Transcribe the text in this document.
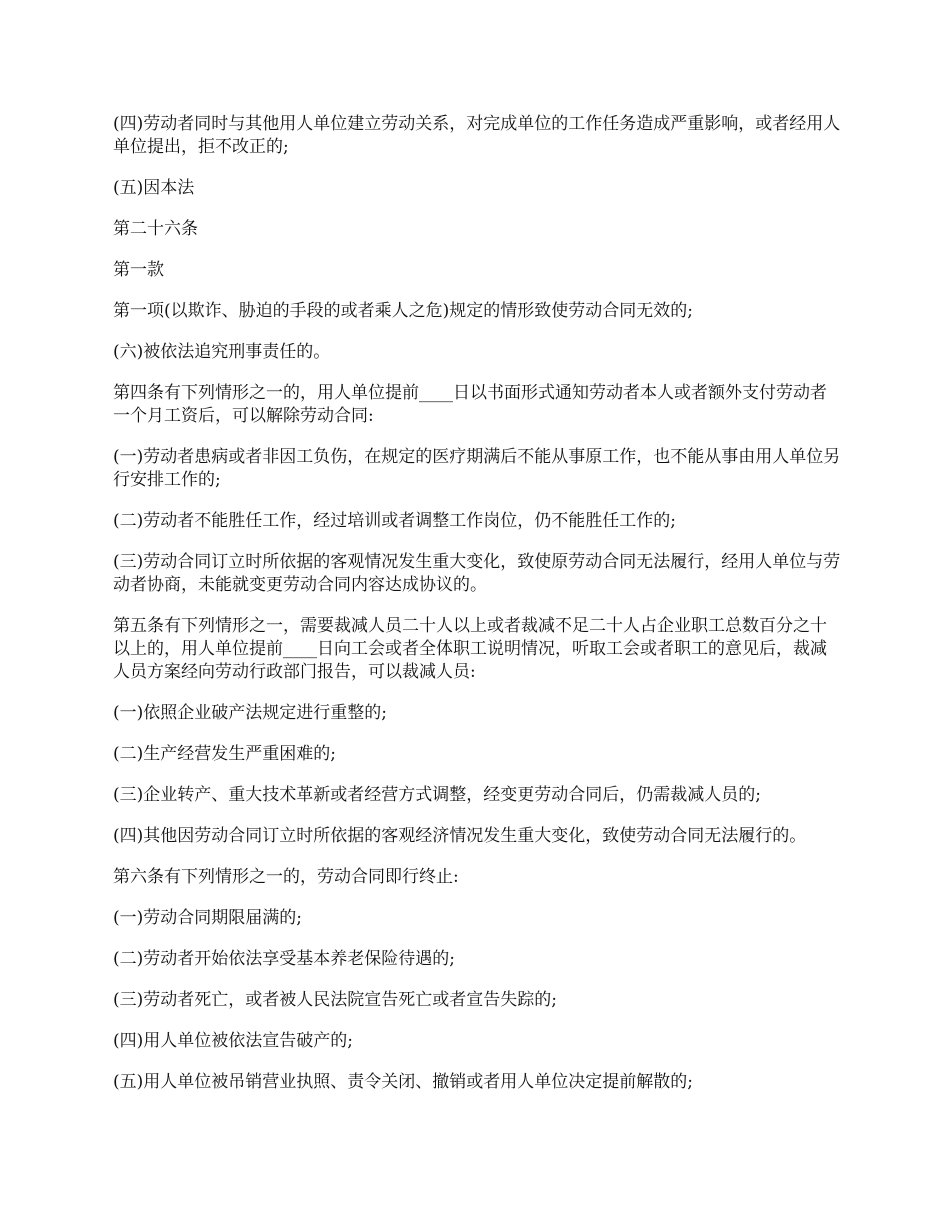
(四)劳动者同时与其他用人单位建立劳动关系，对完成单位的工作任务造成严重影响，或者经用人单位提出，拒不改正的;

(五)因本法

第二十六条

第一款

第一项(以欺诈、胁迫的手段的或者乘人之危)规定的情形致使劳动合同无效的;

(六)被依法追究刑事责任的。

第四条有下列情形之一的，用人单位提前____日以书面形式通知劳动者本人或者额外支付劳动者一个月工资后，可以解除劳动合同:

(一)劳动者患病或者非因工负伤，在规定的医疗期满后不能从事原工作，也不能从事由用人单位另行安排工作的;

(二)劳动者不能胜任工作，经过培训或者调整工作岗位，仍不能胜任工作的;

(三)劳动合同订立时所依据的客观情况发生重大变化，致使原劳动合同无法履行，经用人单位与劳动者协商，未能就变更劳动合同内容达成协议的。

第五条有下列情形之一，需要裁减人员二十人以上或者裁减不足二十人占企业职工总数百分之十以上的，用人单位提前____日向工会或者全体职工说明情况，听取工会或者职工的意见后，裁减人员方案经向劳动行政部门报告，可以裁减人员:

(一)依照企业破产法规定进行重整的;

(二)生产经营发生严重困难的;

(三)企业转产、重大技术革新或者经营方式调整，经变更劳动合同后，仍需裁减人员的;

(四)其他因劳动合同订立时所依据的客观经济情况发生重大变化，致使劳动合同无法履行的。

第六条有下列情形之一的，劳动合同即行终止:

(一)劳动合同期限届满的;

(二)劳动者开始依法享受基本养老保险待遇的;

(三)劳动者死亡，或者被人民法院宣告死亡或者宣告失踪的;

(四)用人单位被依法宣告破产的;

(五)用人单位被吊销营业执照、责令关闭、撤销或者用人单位决定提前解散的;
